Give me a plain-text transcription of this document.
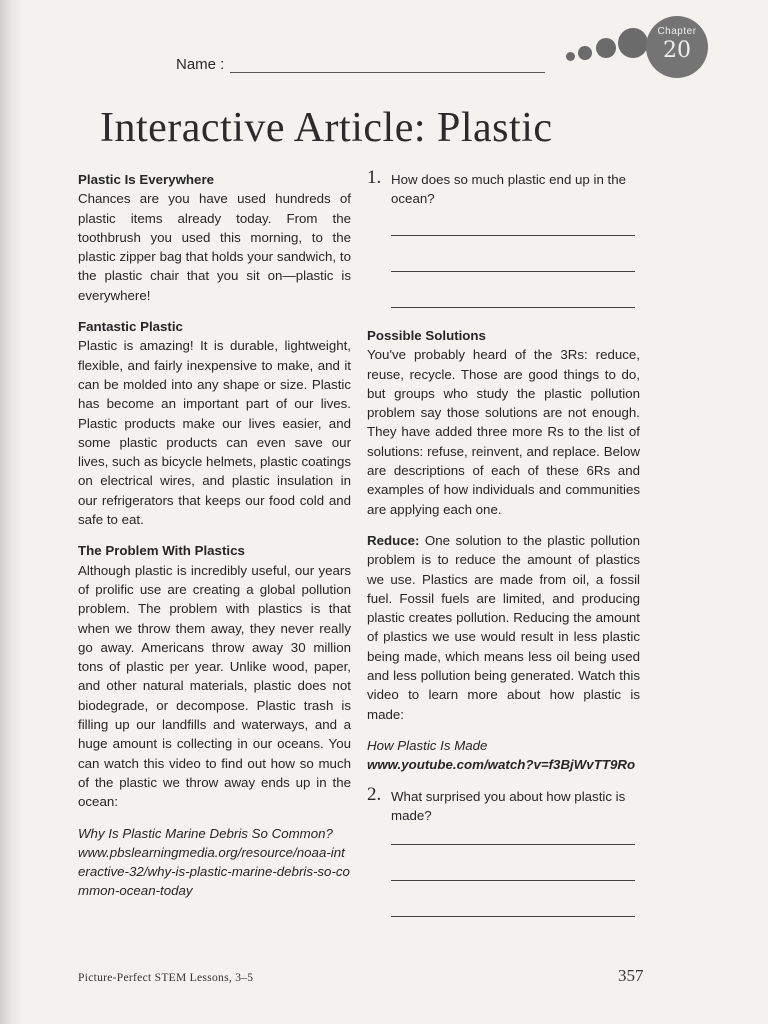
Name :
Chapter
20
Interactive Article: Plastic

Plastic Is Everywhere

Chances are you have used hundreds of plastic items already today. From the toothbrush you used this morning, to the plastic zipper bag that holds your sandwich, to the plastic chair that you sit on—plastic is everywhere!

Fantastic Plastic

Plastic is amazing! It is durable, lightweight, flexible, and fairly inexpensive to make, and it can be molded into any shape or size. Plastic has become an important part of our lives. Plastic products make our lives easier, and some plastic products can even save our lives, such as bicycle helmets, plastic coatings on electrical wires, and plastic insulation in our refrigerators that keeps our food cold and safe to eat.

The Problem With Plastics

Although plastic is incredibly useful, our years of prolific use are creating a global pollution problem. The problem with plastics is that when we throw them away, they never really go away. Americans throw away 30 million tons of plastic per year. Unlike wood, paper, and other natural materials, plastic does not biodegrade, or decompose. Plastic trash is filling up our landfills and waterways, and a huge amount is collecting in our oceans. You can watch this video to find out how so much of the plastic we throw away ends up in the ocean:

Why Is Plastic Marine Debris So Common?

www.pbslearningmedia.org/resource/noaa-interactive-32/why-is-plastic-marine-debris-so-common-ocean-today

1. How does so much plastic end up in the ocean?

Possible Solutions

You've probably heard of the 3Rs: reduce, reuse, recycle. Those are good things to do, but groups who study the plastic pollution problem say those solutions are not enough. They have added three more Rs to the list of solutions: refuse, reinvent, and replace. Below are descriptions of each of these 6Rs and examples of how individuals and communities are applying each one.

Reduce: One solution to the plastic pollution problem is to reduce the amount of plastics we use. Plastics are made from oil, a fossil fuel. Fossil fuels are limited, and producing plastic creates pollution. Reducing the amount of plastics we use would result in less plastic being made, which means less oil being used and less pollution being generated. Watch this video to learn more about how plastic is made:

How Plastic Is Made

www.youtube.com/watch?v=f3BjWvTT9Ro

2. What surprised you about how plastic is made?
Picture-Perfect STEM Lessons, 3–5	357
